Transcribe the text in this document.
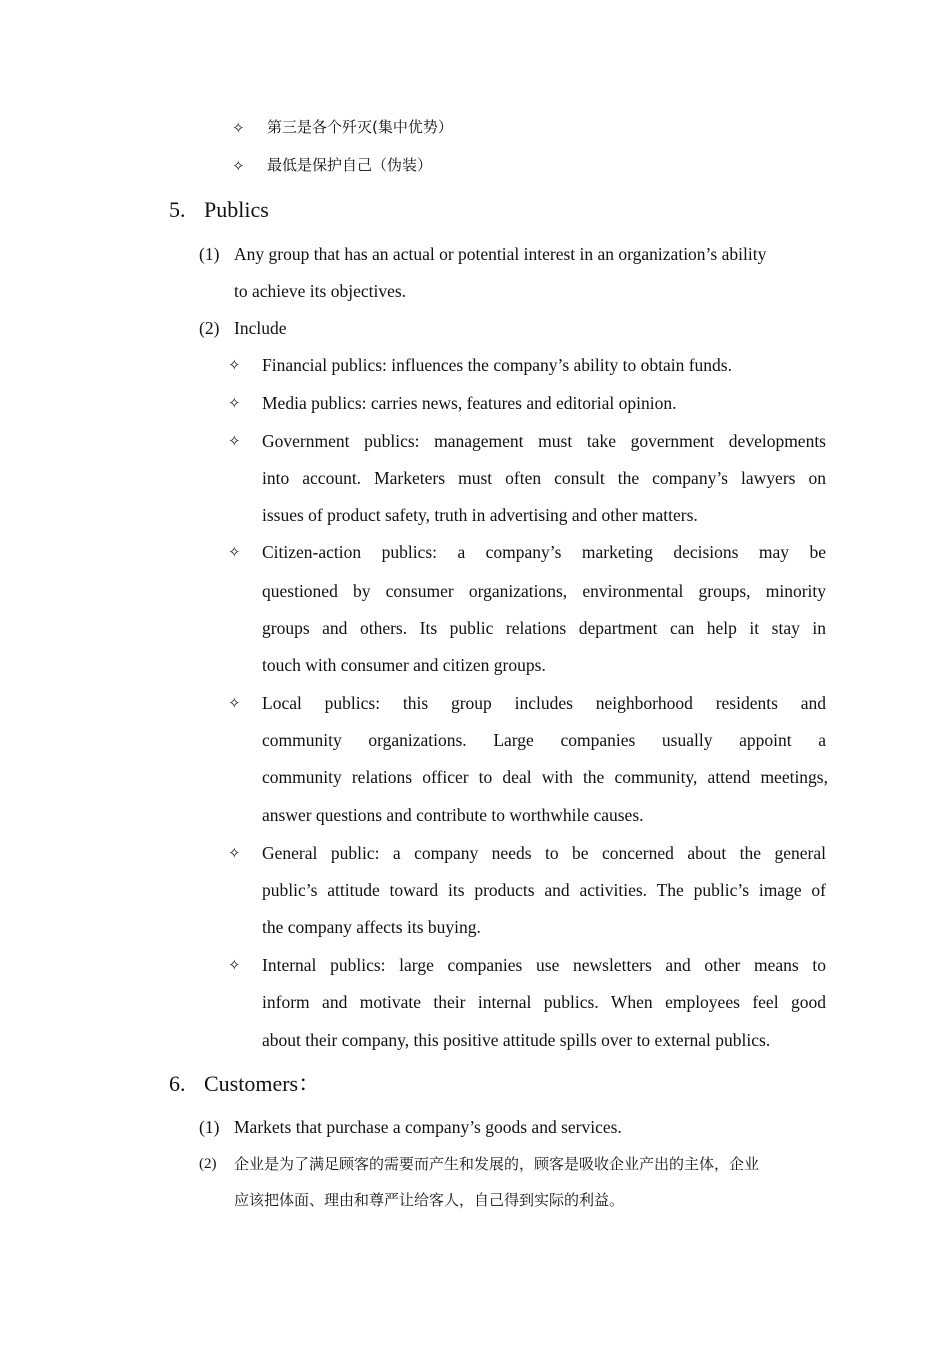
✧ 第三是各个歼灭(集中优势）
✧ 最低是保护自己（伪装）
5. Publics
(1) Any group that has an actual or potential interest in an organization’s ability
to achieve its objectives.
(2) Include
✧ Financial publics: influences the company’s ability to obtain funds.
✧ Media publics: carries news, features and editorial opinion.
✧ Government publics: management must take government developments
into account. Marketers must often consult the company’s lawyers on
issues of product safety, truth in advertising and other matters.
✧ Citizen-action publics: a company’s marketing decisions may be
questioned by consumer organizations, environmental groups, minority
groups and others. Its public relations department can help it stay in
touch with consumer and citizen groups.
✧ Local publics: this group includes neighborhood residents and
community organizations. Large companies usually appoint a
community relations officer to deal with the community, attend meetings,
answer questions and contribute to worthwhile causes.
✧ General public: a company needs to be concerned about the general
public’s attitude toward its products and activities. The public’s image of
the company affects its buying.
✧ Internal publics: large companies use newsletters and other means to
inform and motivate their internal publics. When employees feel good
about their company, this positive attitude spills over to external publics.
6. Customers：
(1) Markets that purchase a company’s goods and services.
(2) 企业是为了满足顾客的需要而产生和发展的，顾客是吸收企业产出的主体，企业
应该把体面、理由和尊严让给客人，自己得到实际的利益。
